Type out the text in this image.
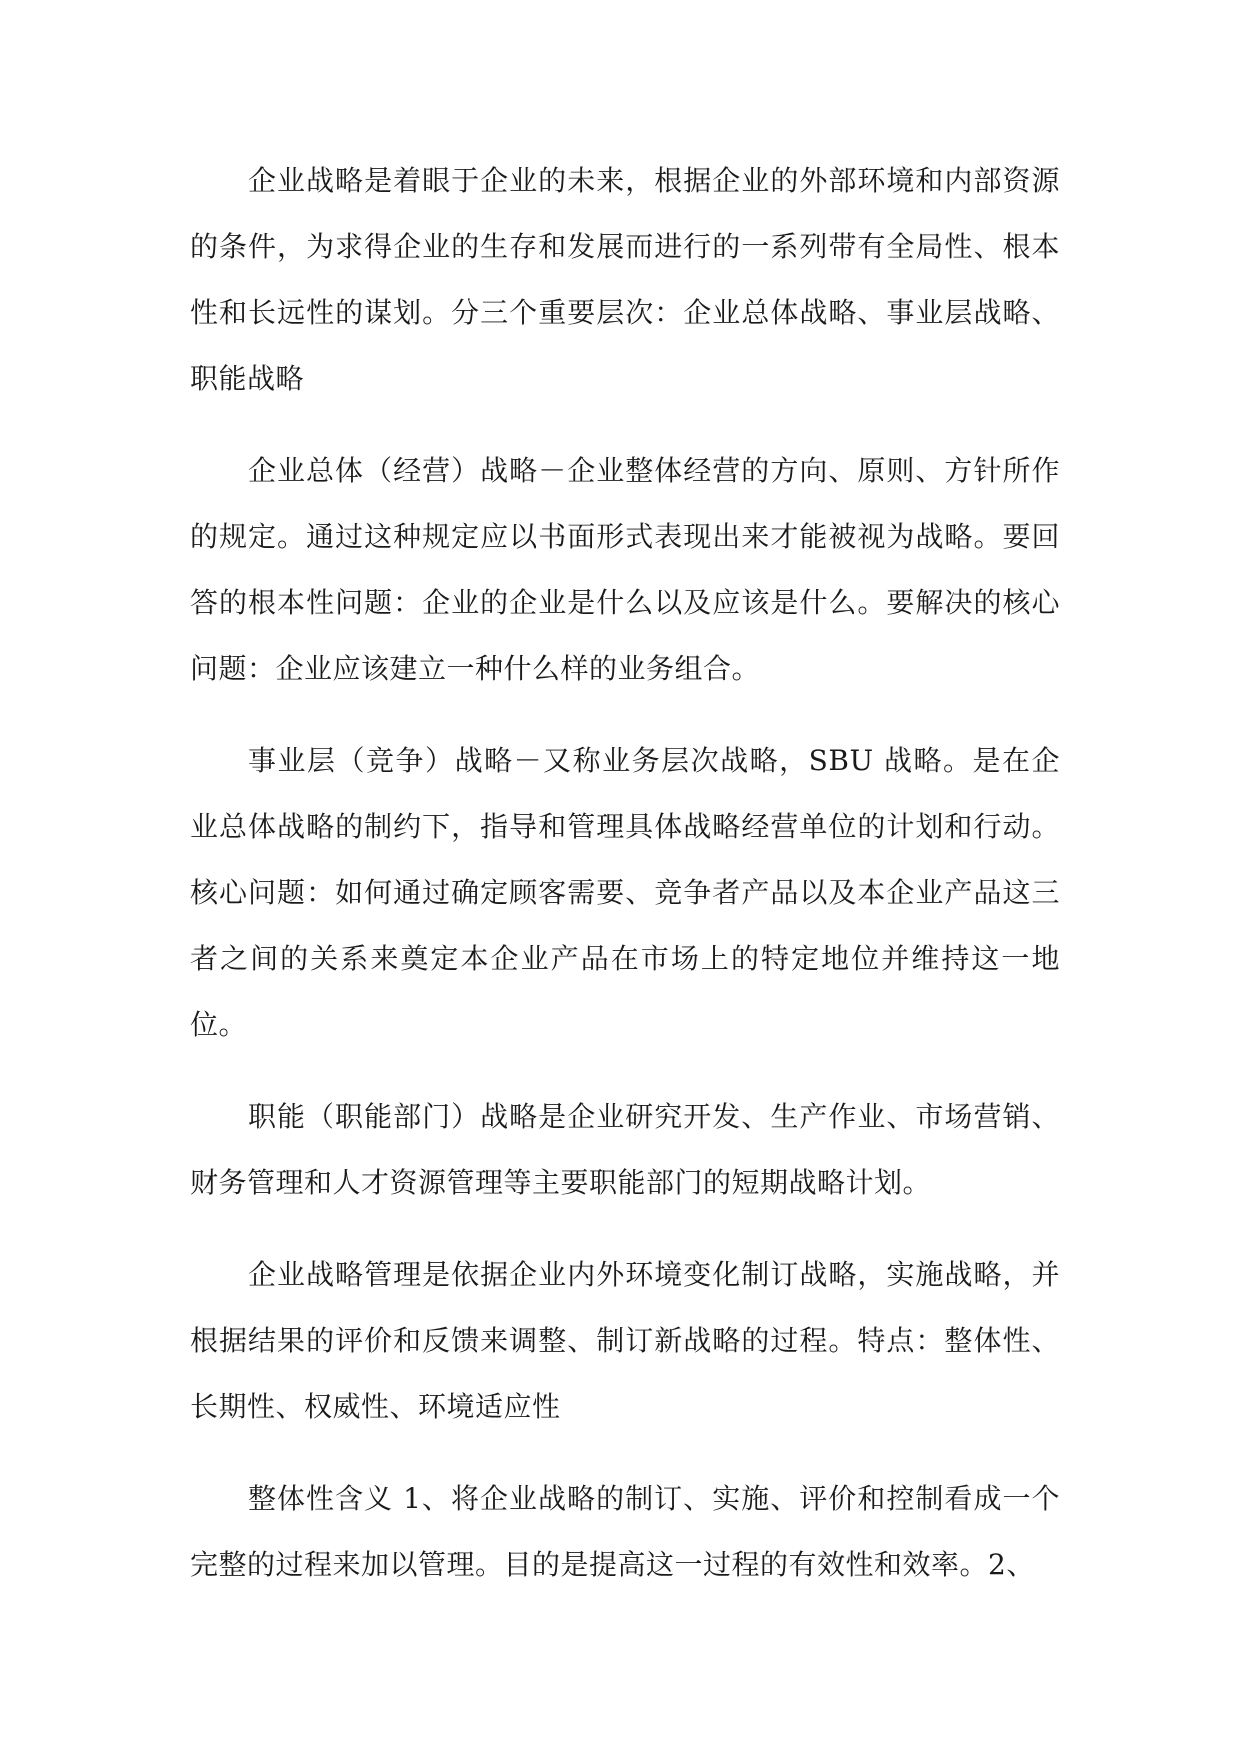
企业战略是着眼于企业的未来，根据企业的外部环境和内部资源的条件，为求得企业的生存和发展而进行的一系列带有全局性、根本性和长远性的谋划。分三个重要层次：企业总体战略、事业层战略、职能战略

企业总体（经营）战略－企业整体经营的方向、原则、方针所作的规定。通过这种规定应以书面形式表现出来才能被视为战略。要回答的根本性问题：企业的企业是什么以及应该是什么。要解决的核心问题：企业应该建立一种什么样的业务组合。

事业层（竞争）战略－又称业务层次战略，SBU 战略。是在企业总体战略的制约下，指导和管理具体战略经营单位的计划和行动。核心问题：如何通过确定顾客需要、竞争者产品以及本企业产品这三者之间的关系来奠定本企业产品在市场上的特定地位并维持这一地位。

职能（职能部门）战略是企业研究开发、生产作业、市场营销、财务管理和人才资源管理等主要职能部门的短期战略计划。

企业战略管理是依据企业内外环境变化制订战略，实施战略，并根据结果的评价和反馈来调整、制订新战略的过程。特点：整体性、长期性、权威性、环境适应性

整体性含义 1、将企业战略的制订、实施、评价和控制看成一个完整的过程来加以管理。目的是提高这一过程的有效性和效率。2、
